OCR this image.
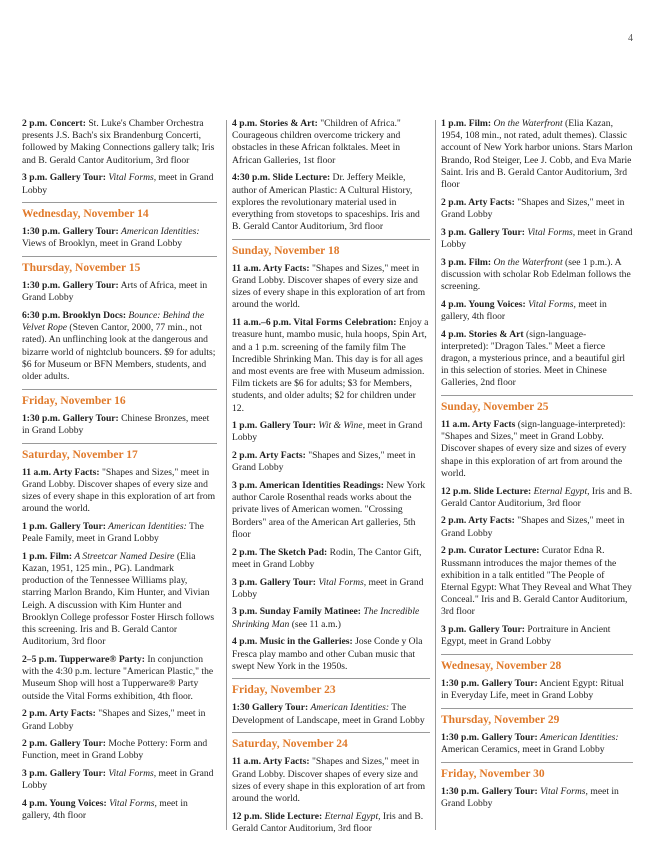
4
2 p.m. Concert: St. Luke's Chamber Orchestra presents J.S. Bach's six Brandenburg Concerti, followed by Making Connections gallery talk; Iris and B. Gerald Cantor Auditorium, 3rd floor
3 p.m. Gallery Tour: Vital Forms, meet in Grand Lobby
Wednesday, November 14
1:30 p.m. Gallery Tour: American Identities: Views of Brooklyn, meet in Grand Lobby
Thursday, November 15
1:30 p.m. Gallery Tour: Arts of Africa, meet in Grand Lobby
6:30 p.m. Brooklyn Docs: Bounce: Behind the Velvet Rope (Steven Cantor, 2000, 77 min., not rated). An unflinching look at the dangerous and bizarre world of nightclub bouncers. $9 for adults; $6 for Museum or BFN Members, students, and older adults.
Friday, November 16
1:30 p.m. Gallery Tour: Chinese Bronzes, meet in Grand Lobby
Saturday, November 17
11 a.m. Arty Facts: "Shapes and Sizes," meet in Grand Lobby. Discover shapes of every size and sizes of every shape in this exploration of art from around the world.
1 p.m. Gallery Tour: American Identities: The Peale Family, meet in Grand Lobby
1 p.m. Film: A Streetcar Named Desire (Elia Kazan, 1951, 125 min., PG). Landmark production of the Tennessee Williams play, starring Marlon Brando, Kim Hunter, and Vivian Leigh. A discussion with Kim Hunter and Brooklyn College professor Foster Hirsch follows this screening. Iris and B. Gerald Cantor Auditorium, 3rd floor
2–5 p.m. Tupperware® Party: In conjunction with the 4:30 p.m. lecture "American Plastic," the Museum Shop will host a Tupperware® Party outside the Vital Forms exhibition, 4th floor.
2 p.m. Arty Facts: "Shapes and Sizes," meet in Grand Lobby
2 p.m. Gallery Tour: Moche Pottery: Form and Function, meet in Grand Lobby
3 p.m. Gallery Tour: Vital Forms, meet in Grand Lobby
4 p.m. Young Voices: Vital Forms, meet in gallery, 4th floor
4 p.m. Stories & Art: "Children of Africa." Courageous children overcome trickery and obstacles in these African folktales. Meet in African Galleries, 1st floor
4:30 p.m. Slide Lecture: Dr. Jeffery Meikle, author of American Plastic: A Cultural History, explores the revolutionary material used in everything from stovetops to spaceships. Iris and B. Gerald Cantor Auditorium, 3rd floor
Sunday, November 18
11 a.m. Arty Facts: "Shapes and Sizes," meet in Grand Lobby. Discover shapes of every size and sizes of every shape in this exploration of art from around the world.
11 a.m.–6 p.m. Vital Forms Celebration: Enjoy a treasure hunt, mambo music, hula hoops, Spin Art, and a 1 p.m. screening of the family film The Incredible Shrinking Man. This day is for all ages and most events are free with Museum admission. Film tickets are $6 for adults; $3 for Members, students, and older adults; $2 for children under 12.
1 p.m. Gallery Tour: Wit & Wine, meet in Grand Lobby
2 p.m. Arty Facts: "Shapes and Sizes," meet in Grand Lobby
3 p.m. American Identities Readings: New York author Carole Rosenthal reads works about the private lives of American women. "Crossing Borders" area of the American Art galleries, 5th floor
2 p.m. The Sketch Pad: Rodin, The Cantor Gift, meet in Grand Lobby
3 p.m. Gallery Tour: Vital Forms, meet in Grand Lobby
3 p.m. Sunday Family Matinee: The Incredible Shrinking Man (see 11 a.m.)
4 p.m. Music in the Galleries: Jose Conde y Ola Fresca play mambo and other Cuban music that swept New York in the 1950s.
Friday, November 23
1:30 Gallery Tour: American Identities: The Development of Landscape, meet in Grand Lobby
Saturday, November 24
11 a.m. Arty Facts: "Shapes and Sizes," meet in Grand Lobby. Discover shapes of every size and sizes of every shape in this exploration of art from around the world.
12 p.m. Slide Lecture: Eternal Egypt, Iris and B. Gerald Cantor Auditorium, 3rd floor
1 p.m. Film: On the Waterfront (Elia Kazan, 1954, 108 min., not rated, adult themes). Classic account of New York harbor unions. Stars Marlon Brando, Rod Steiger, Lee J. Cobb, and Eva Marie Saint. Iris and B. Gerald Cantor Auditorium, 3rd floor
2 p.m. Arty Facts: "Shapes and Sizes," meet in Grand Lobby
3 p.m. Gallery Tour: Vital Forms, meet in Grand Lobby
3 p.m. Film: On the Waterfront (see 1 p.m.). A discussion with scholar Rob Edelman follows the screening.
4 p.m. Young Voices: Vital Forms, meet in gallery, 4th floor
4 p.m. Stories & Art (sign-language-interpreted): "Dragon Tales." Meet a fierce dragon, a mysterious prince, and a beautiful girl in this selection of stories. Meet in Chinese Galleries, 2nd floor
Sunday, November 25
11 a.m. Arty Facts (sign-language-interpreted): "Shapes and Sizes," meet in Grand Lobby. Discover shapes of every size and sizes of every shape in this exploration of art from around the world.
12 p.m. Slide Lecture: Eternal Egypt, Iris and B. Gerald Cantor Auditorium, 3rd floor
2 p.m. Arty Facts: "Shapes and Sizes," meet in Grand Lobby
2 p.m. Curator Lecture: Curator Edna R. Russmann introduces the major themes of the exhibition in a talk entitled "The People of Eternal Egypt: What They Reveal and What They Conceal." Iris and B. Gerald Cantor Auditorium, 3rd floor
3 p.m. Gallery Tour: Portraiture in Ancient Egypt, meet in Grand Lobby
Wednesay, November 28
1:30 p.m. Gallery Tour: Ancient Egypt: Ritual in Everyday Life, meet in Grand Lobby
Thursday, November 29
1:30 p.m. Gallery Tour: American Identities: American Ceramics, meet in Grand Lobby
Friday, November 30
1:30 p.m. Gallery Tour: Vital Forms, meet in Grand Lobby
